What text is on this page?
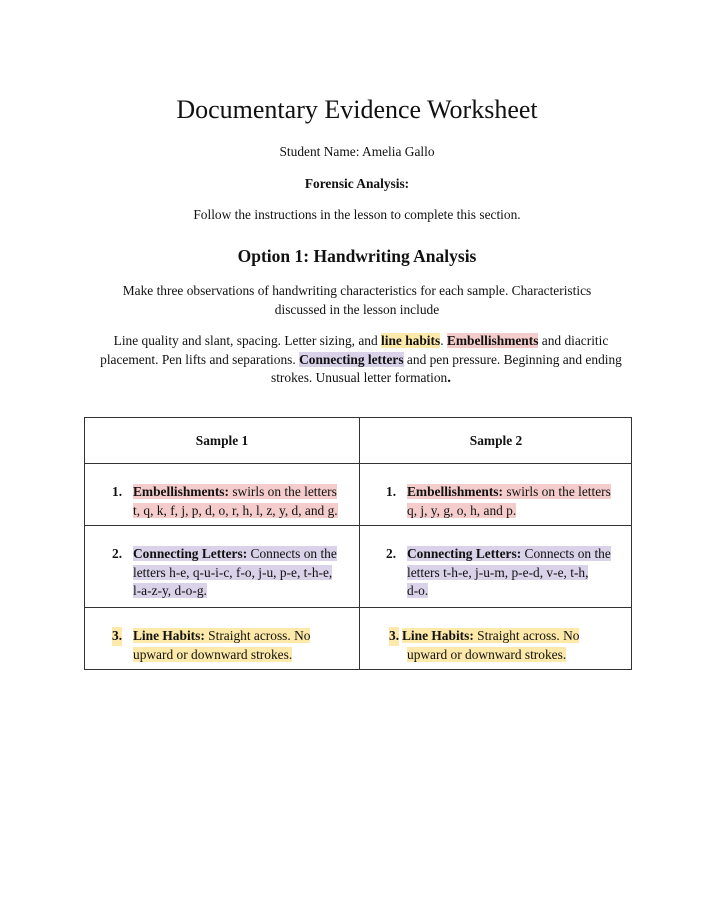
Documentary Evidence Worksheet
Student Name: Amelia Gallo
Forensic Analysis:
Follow the instructions in the lesson to complete this section.
Option 1: Handwriting Analysis
Make three observations of handwriting characteristics for each sample. Characteristics discussed in the lesson include
Line quality and slant, spacing. Letter sizing, and line habits. Embellishments and diacritic placement. Pen lifts and separations. Connecting letters and pen pressure. Beginning and ending strokes. Unusual letter formation.
Sample 1	Sample 2
1. Embellishments: swirls on the letters
t, q, k, f, j, p, d, o, r, h, l, z, y, d, and g.
1. Embellishments: swirls on the letters
q, j, y, g, o, h, and p.
2. Connecting Letters: Connects on the
letters h-e, q-u-i-c, f-o, j-u, p-e, t-h-e,
l-a-z-y, d-o-g.
2. Connecting Letters: Connects on the
letters t-h-e, j-u-m, p-e-d, v-e, t-h,
d-o.
3. Line Habits: Straight across. No
upward or downward strokes.
3. Line Habits: Straight across. No
upward or downward strokes.
